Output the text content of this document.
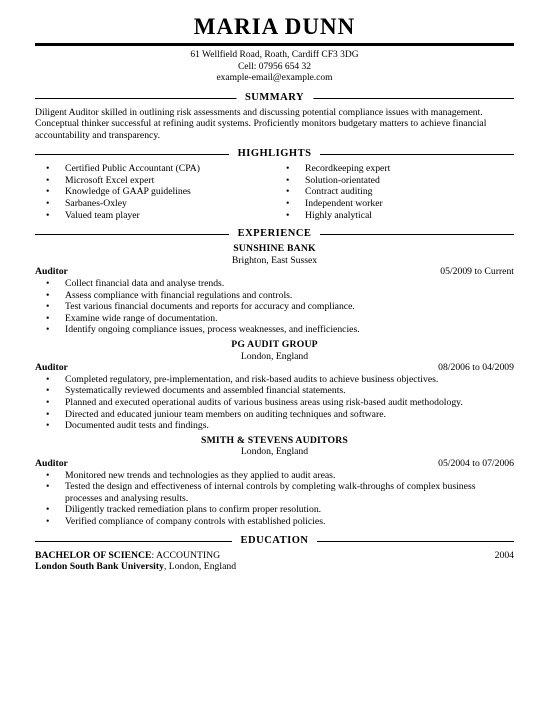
MARIA DUNN
61 Wellfield Road, Roath, Cardiff CF3 3DG
Cell: 07956 654 32
example-email@example.com
SUMMARY
Diligent Auditor skilled in outlining risk assessments and discussing potential compliance issues with management. Conceptual thinker successful at refining audit systems. Proficiently monitors budgetary matters to achieve financial accountability and transparency.
HIGHLIGHTS
• Certified Public Accountant (CPA)
• Microsoft Excel expert
• Knowledge of GAAP guidelines
• Sarbanes-Oxley
• Valued team player
• Recordkeeping expert
• Solution-orientated
• Contract auditing
• Independent worker
• Highly analytical
EXPERIENCE
SUNSHINE BANK
Brighton, East Sussex
Auditor	05/2009 to Current
• Collect financial data and analyse trends.
• Assess compliance with financial regulations and controls.
• Test various financial documents and reports for accuracy and compliance.
• Examine wide range of documentation.
• Identify ongoing compliance issues, process weaknesses, and inefficiencies.
PG AUDIT GROUP
London, England
Auditor	08/2006 to 04/2009
• Completed regulatory, pre-implementation, and risk-based audits to achieve business objectives.
• Systematically reviewed documents and assembled financial statements.
• Planned and executed operational audits of various business areas using risk-based audit methodology.
• Directed and educated juniour team members on auditing techniques and software.
• Documented audit tests and findings.
SMITH & STEVENS AUDITORS
London, England
Auditor	05/2004 to 07/2006
• Monitored new trends and technologies as they applied to audit areas.
• Tested the design and effectiveness of internal controls by completing walk-throughs of complex business processes and analysing results.
• Diligently tracked remediation plans to confirm proper resolution.
• Verified compliance of company controls with established policies.
EDUCATION
BACHELOR OF SCIENCE: ACCOUNTING	2004
London South Bank University, London, England
